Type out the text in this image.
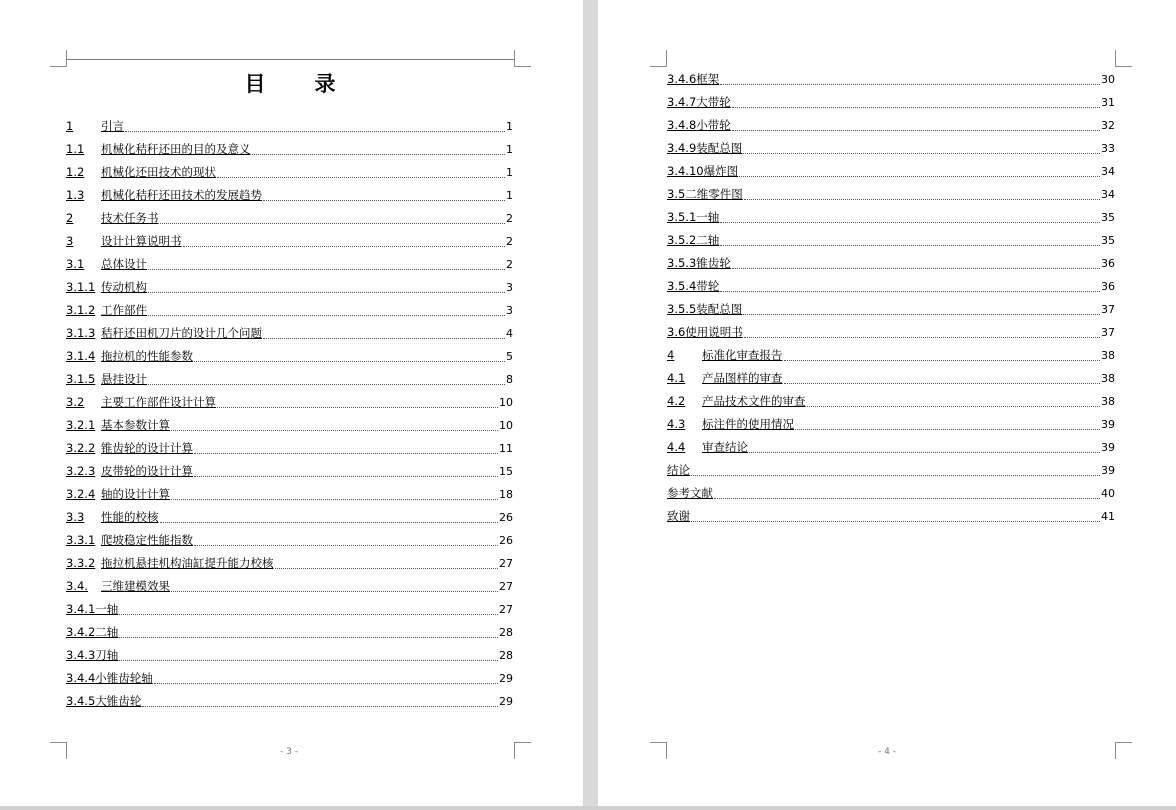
目　录
1	引言	1
1.1	机械化秸秆还田的目的及意义	1
1.2	机械化还田技术的现状	1
1.3	机械化秸秆还田技术的发展趋势	1
2	技术任务书	2
3	设计计算说明书	2
3.1	总体设计	2
3.1.1 传动机构	3
3.1.2 工作部件	3
3.1.3 秸秆还田机刀片的设计几个问题	4
3.1.4 拖拉机的性能参数	5
3.1.5 悬挂设计	8
3.2	主要工作部件设计计算	10
3.2.1 基本参数计算	10
3.2.2 锥齿轮的设计计算	11
3.2.3 皮带轮的设计计算	15
3.2.4 轴的设计计算	18
3.3	性能的校核	26
3.3.1 爬坡稳定性能指数	26
3.3.2 拖拉机悬挂机构油缸提升能力校核	27
3.4.	三维建模效果	27
3.4.1 一轴	27
3.4.2 二轴	28
3.4.3 刀轴	28
3.4.4 小锥齿轮轴	29
3.4.5 大锥齿轮	29
- 3 -	- 4 -
3.4.6 框架	30
3.4.7 大带轮	31
3.4.8 小带轮	32
3.4.9 装配总图	33
3.4.10 爆炸图	34
3.5 二维零件图	34
3.5.1 一轴	35
3.5.2 二轴	35
3.5.3 锥齿轮	36
3.5.4 带轮	36
3.5.5 装配总图	37
3.6 使用说明书	37
4	标准化审查报告	38
4.1	产品图样的审查	38
4.2	产品技术文件的审查	38
4.3	标注件的使用情况	39
4.4	审查结论	39
结论	39
参考文献	40
致谢	41
